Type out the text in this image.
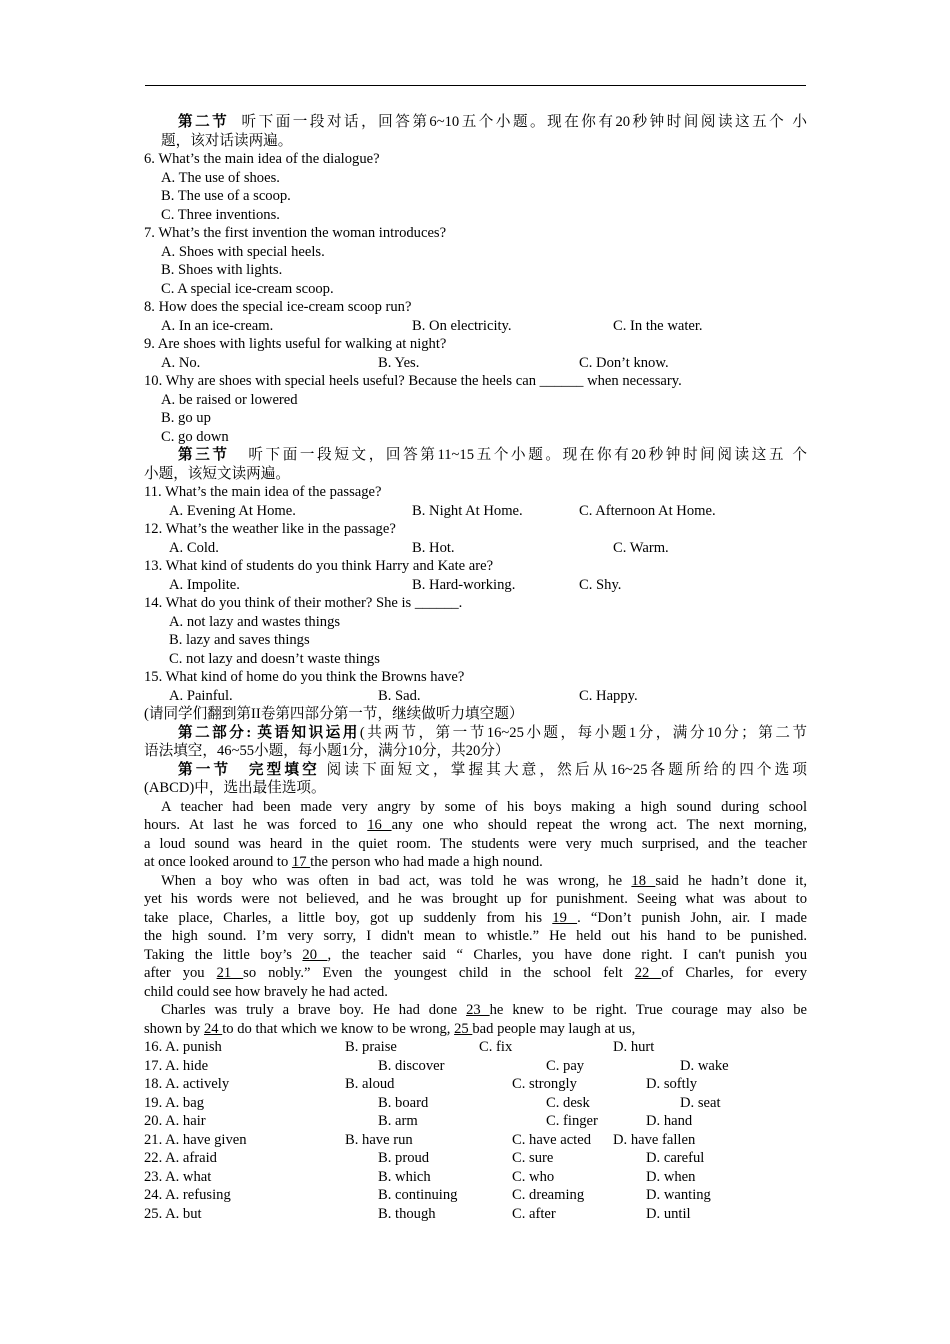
第二节 听下面一段对话，回答第6~10五个小题。现在你有20秒钟时间阅读这五个 小
题，该对话读两遍。
6. What’s the main idea of the dialogue?
A. The use of shoes.
B. The use of a scoop.
C. Three inventions.
7. What’s the first invention the woman introduces?
A. Shoes with special heels.
B. Shoes with lights.
C. A special ice-cream scoop.
8. How does the special ice-cream scoop run?
A. In an ice-cream.	B. On electricity.	C. In the water.
9. Are shoes with lights useful for walking at night?
A. No.	B. Yes.	C. Don’t know.
10. Why are shoes with special heels useful? Because the heels can ______ when necessary.
A. be raised or lowered
B. go up
C. go down
第三节 听下面一段短文，回答第11~15五个小题。现在你有20秒钟时间阅读这五 个
小题，该短文读两遍。
11. What’s the main idea of the passage?
A. Evening At Home.	B. Night At Home.	C. Afternoon At Home.
12. What’s the weather like in the passage?
A. Cold.	B. Hot.	C. Warm.
13. What kind of students do you think Harry and Kate are?
A. Impolite.	B. Hard-working.	C. Shy.
14. What do you think of their mother? She is ______.
A. not lazy and wastes things
B. lazy and saves things
C. not lazy and doesn’t waste things
15. What kind of home do you think the Browns have?
A. Painful.	B. Sad.	C. Happy.
(请同学们翻到第II卷第四部分第一节，继续做听力填空题）
第二部分: 英语知识运用(共两节，第一节16~25小题，每小题1分，满分10分；第二节
语法填空，46~55小题，每小题1分，满分10分，共20分）
第一节　完型填空 阅读下面短文，掌握其大意，然后从16~25各题所给的四个选项
(ABCD)中，选出最佳选项。
A teacher had been made very angry by some of his boys making a high sound during school
hours. At last he was forced to 16 any one who should repeat the wrong act. The next morning,
a loud sound was heard in the quiet room. The students were very much surprised, and the teacher
at once looked around to 17 the person who had made a high nound.
When a boy who was often in bad act, was told he was wrong, he 18 said he hadn’t done it,
yet his words were not believed, and he was brought up for punishment. Seeing what was about to
take place, Charles, a little boy, got up suddenly from his 19 . “Don’t punish John, air. I made
the high sound. I’m very sorry, I didn't mean to whistle.” He held out his hand to be punished.
Taking the little boy’s 20 , the teacher said “ Charles, you have done right. I can't punish you
after you 21 so nobly.” Even the youngest child in the school felt 22 of Charles, for every
child could see how bravely he had acted.
Charles was truly a brave boy. He had done 23 he knew to be right. True courage may also be
shown by 24 to do that which we know to be wrong, 25 bad people may laugh at us,
16. A. punish	B. praise	C. fix	D. hurt
17. A. hide	B. discover	C. pay	D. wake
18. A. actively	B. aloud	C. strongly	D. softly
19. A. bag	B. board	C. desk	D. seat
20. A. hair	B. arm	C. finger	D. hand
21. A. have given	B. have run	C. have acted D. have fallen
22. A. afraid	B. proud	C. sure	D. careful
23. A. what	B. which	C. who	D. when
24. A. refusing	B. continuing	C. dreaming	D. wanting
25. A. but	B. though	C. after	D. until
